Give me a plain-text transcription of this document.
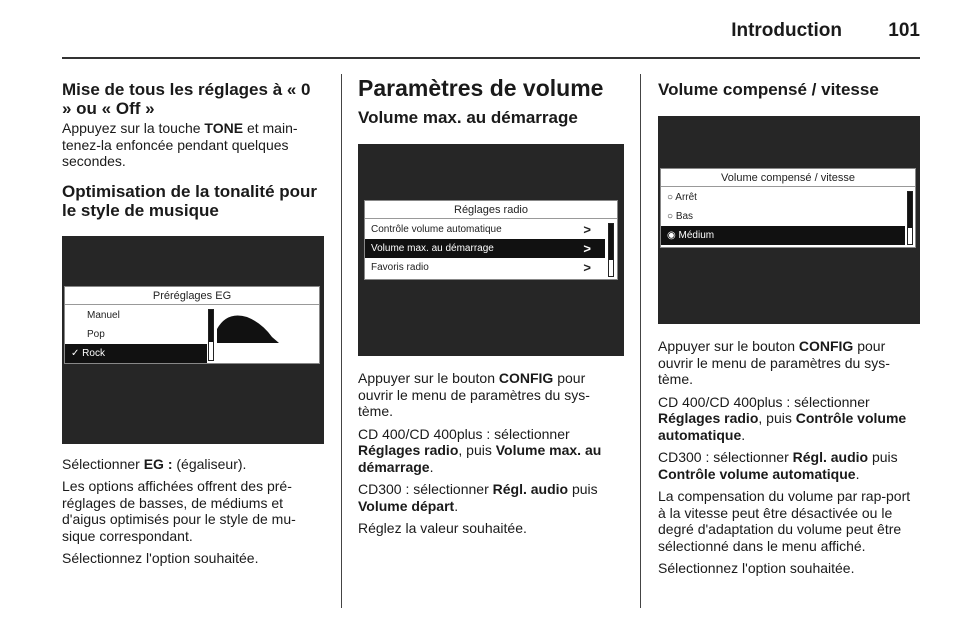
Introduction 101
Mise de tous les réglages à « 0 » ou « Off »

Appuyez sur la touche TONE et main-tenez-la enfoncée pendant quelques secondes.

Optimisation de la tonalité pour le style de musique
Préréglages EG
Manuel
Pop
✓ Rock

Sélectionner EG : (égaliseur).

Les options affichées offrent des pré-réglages de basses, de médiums et d'aigus optimisés pour le style de mu-sique correspondant.

Sélectionnez l'option souhaitée.

Paramètres de volume
Volume max. au démarrage
Réglages radio
Contrôle volume automatique	>
Volume max. au démarrage	>
Favoris radio	>

Appuyer sur le bouton CONFIG pour ouvrir le menu de paramètres du sys-tème.

CD 400/CD 400plus : sélectionner Réglages radio, puis Volume max. au démarrage.

CD300 : sélectionner Régl. audio puis Volume départ.

Réglez la valeur souhaitée.

Volume compensé / vitesse
Volume compensé / vitesse
○ Arrêt
○ Bas
◉ Médium

Appuyer sur le bouton CONFIG pour ouvrir le menu de paramètres du sys-tème.

CD 400/CD 400plus : sélectionner Réglages radio, puis Contrôle volume automatique.

CD300 : sélectionner Régl. audio puis Contrôle volume automatique.

La compensation du volume par rap-port à la vitesse peut être désactivée ou le degré d'adaptation du volume peut être sélectionné dans le menu affiché.

Sélectionnez l'option souhaitée.
